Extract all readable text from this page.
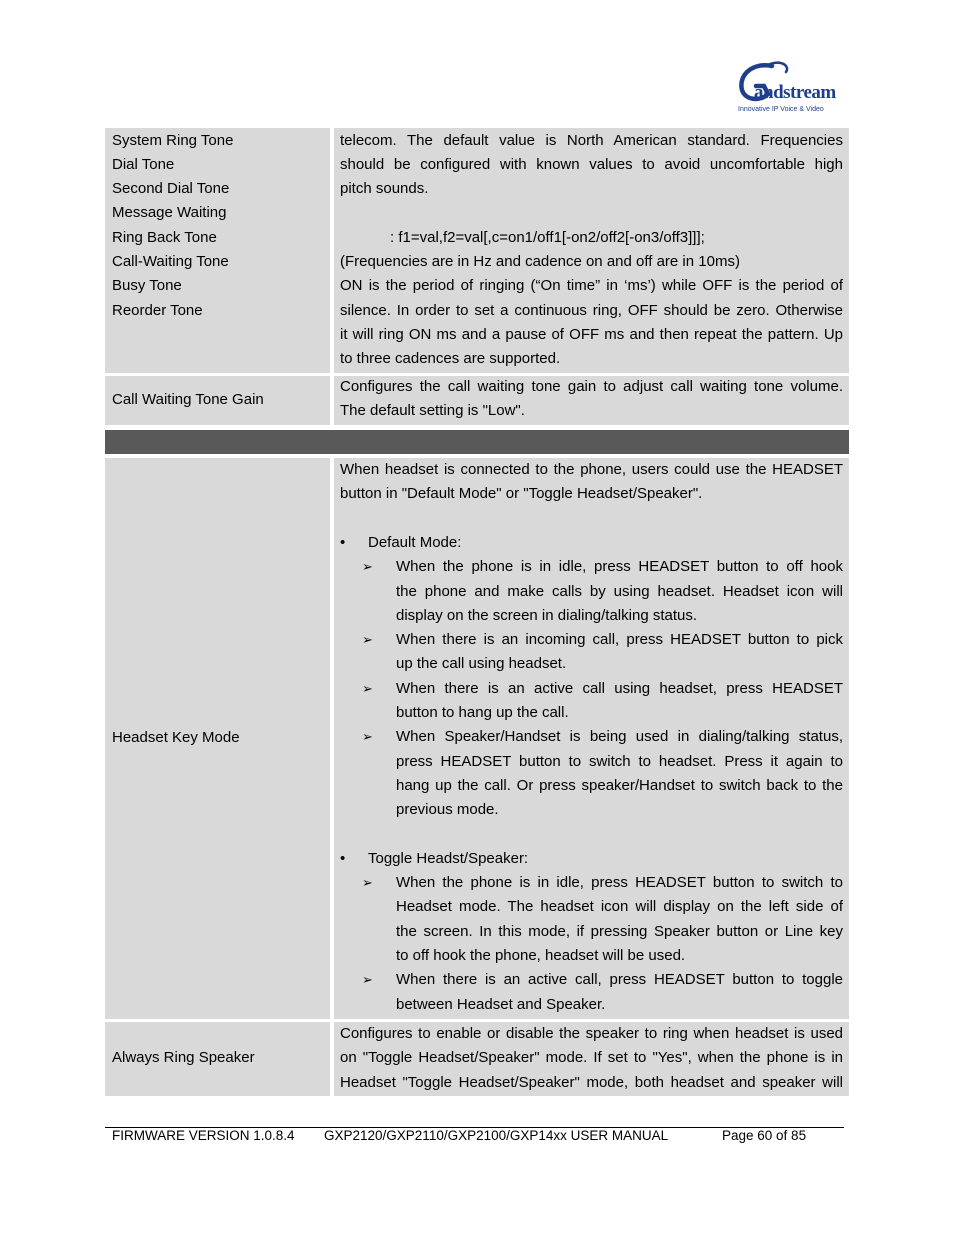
andstream
Innovative IP Voice & Video
System Ring Tone
Dial Tone
Second Dial Tone
Message Waiting
Ring Back Tone
Call-Waiting Tone
Busy Tone
Reorder Tone
telecom. The default value is North American standard. Frequencies
should be configured with known values to avoid uncomfortable high
pitch sounds.
: f1=val,f2=val[,c=on1/off1[-on2/off2[-on3/off3]]];
(Frequencies are in Hz and cadence on and off are in 10ms)
ON is the period of ringing (“On time” in ‘ms’) while OFF is the period of
silence. In order to set a continuous ring, OFF should be zero. Otherwise
it will ring ON ms and a pause of OFF ms and then repeat the pattern. Up
to three cadences are supported.
Call Waiting Tone Gain
Configures the call waiting tone gain to adjust call waiting tone volume.
The default setting is "Low".
Headset Key Mode
When headset is connected to the phone, users could use the HEADSET
button in "Default Mode" or "Toggle Headset/Speaker".
• Default Mode:
➢ When the phone is in idle, press HEADSET button to off hook
the phone and make calls by using headset. Headset icon will
display on the screen in dialing/talking status.
➢ When there is an incoming call, press HEADSET button to pick
up the call using headset.
➢ When there is an active call using headset, press HEADSET
button to hang up the call.
➢ When Speaker/Handset is being used in dialing/talking status,
press HEADSET button to switch to headset. Press it again to
hang up the call. Or press speaker/Handset to switch back to the
previous mode.
• Toggle Headst/Speaker:
➢ When the phone is in idle, press HEADSET button to switch to
Headset mode. The headset icon will display on the left side of
the screen. In this mode, if pressing Speaker button or Line key
to off hook the phone, headset will be used.
➢ When there is an active call, press HEADSET button to toggle
between Headset and Speaker.
Always Ring Speaker
Configures to enable or disable the speaker to ring when headset is used
on "Toggle Headset/Speaker" mode. If set to "Yes", when the phone is in
Headset "Toggle Headset/Speaker" mode, both headset and speaker will
FIRMWARE VERSION 1.0.8.4 GXP2120/GXP2110/GXP2100/GXP14xx USER MANUAL	Page 60 of 85
